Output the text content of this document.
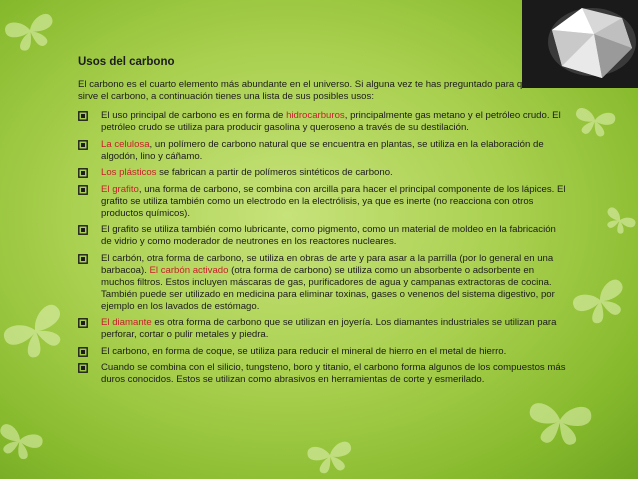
Usos del carbono
El carbono es el cuarto elemento más abundante en el universo. Si alguna vez te has preguntado para qué sirve el carbono, a continuación tienes una lista de sus posibles usos:
El uso principal de carbono es en forma de hidrocarburos, principalmente gas metano y el petróleo crudo. El petróleo crudo se utiliza para producir gasolina y queroseno a través de su destilación.
La celulosa, un polímero de carbono natural que se encuentra en plantas, se utiliza en la elaboración de algodón, lino y cáñamo.
Los plásticos se fabrican a partir de polímeros sintéticos de carbono.
El grafito, una forma de carbono, se combina con arcilla para hacer el principal componente de los lápices. El grafito se utiliza también como un electrodo en la electrólisis, ya que es inerte (no reacciona con otros productos químicos).
El grafito se utiliza también como lubricante, como pigmento, como un material de moldeo en la fabricación de vidrio y como moderador de neutrones en los reactores nucleares.
El carbón, otra forma de carbono, se utiliza en obras de arte y para asar a la parrilla (por lo general en una barbacoa). El carbón activado (otra forma de carbono) se utiliza como un absorbente o adsorbente en muchos filtros. Estos incluyen máscaras de gas, purificadores de agua y campanas extractoras de cocina. También puede ser utilizado en medicina para eliminar toxinas, gases o venenos del sistema digestivo, por ejemplo en los lavados de estómago.
El diamante es otra forma de carbono que se utilizan en joyería. Los diamantes industriales se utilizan para perforar, cortar o pulir metales y piedra.
El carbono, en forma de coque, se utiliza para reducir el mineral de hierro en el metal de hierro.
Cuando se combina con el silicio, tungsteno, boro y titanio, el carbono forma algunos de los compuestos más duros conocidos. Estos se utilizan como abrasivos en herramientas de corte y esmerilado.
